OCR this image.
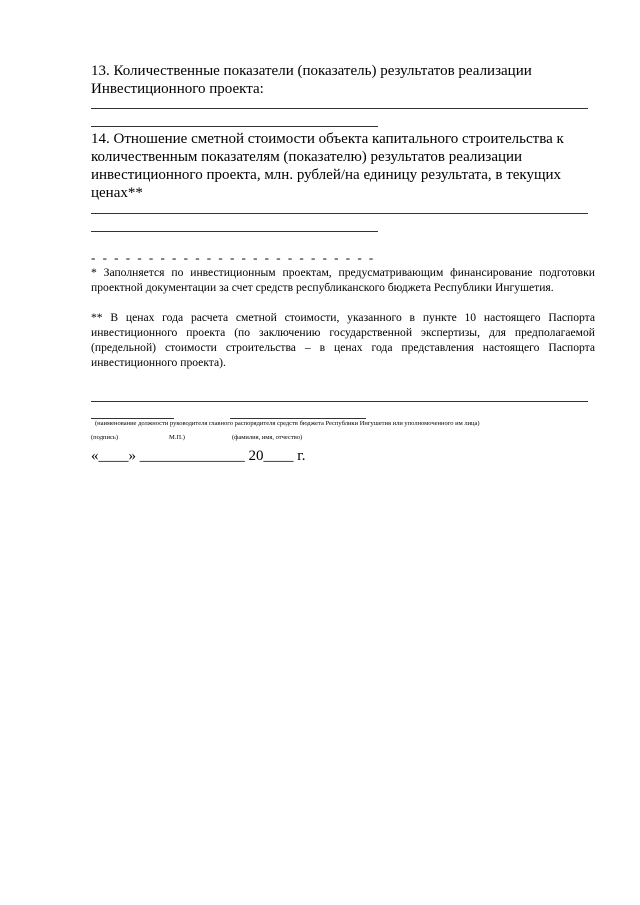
13. Количественные показатели (показатель) результатов реализации Инвестиционного проекта:
14. Отношение сметной стоимости объекта капитального строительства к количественным показателям (показателю) результатов реализации инвестиционного проекта, млн. рублей/на единицу результата, в текущих ценах**
- - - - - - - - - - - - - - - - - - - - - - - - -
* Заполняется по инвестиционным проектам, предусматривающим финансирование подготовки проектной документации за счет средств республиканского бюджета Республики Ингушетия.
** В ценах года расчета сметной стоимости, указанного в пункте 10 настоящего Паспорта инвестиционного проекта (по заключению государственной экспертизы, для предполагаемой (предельной) стоимости строительства – в ценах года представления настоящего Паспорта инвестиционного проекта).
(наименование должности руководителя главного распорядителя средств бюджета Республики Ингушетия или уполномоченного им лица)
(подпись)	М.П.)	(фамилия, имя, отчество)
«____» ______________ 20____ г.
